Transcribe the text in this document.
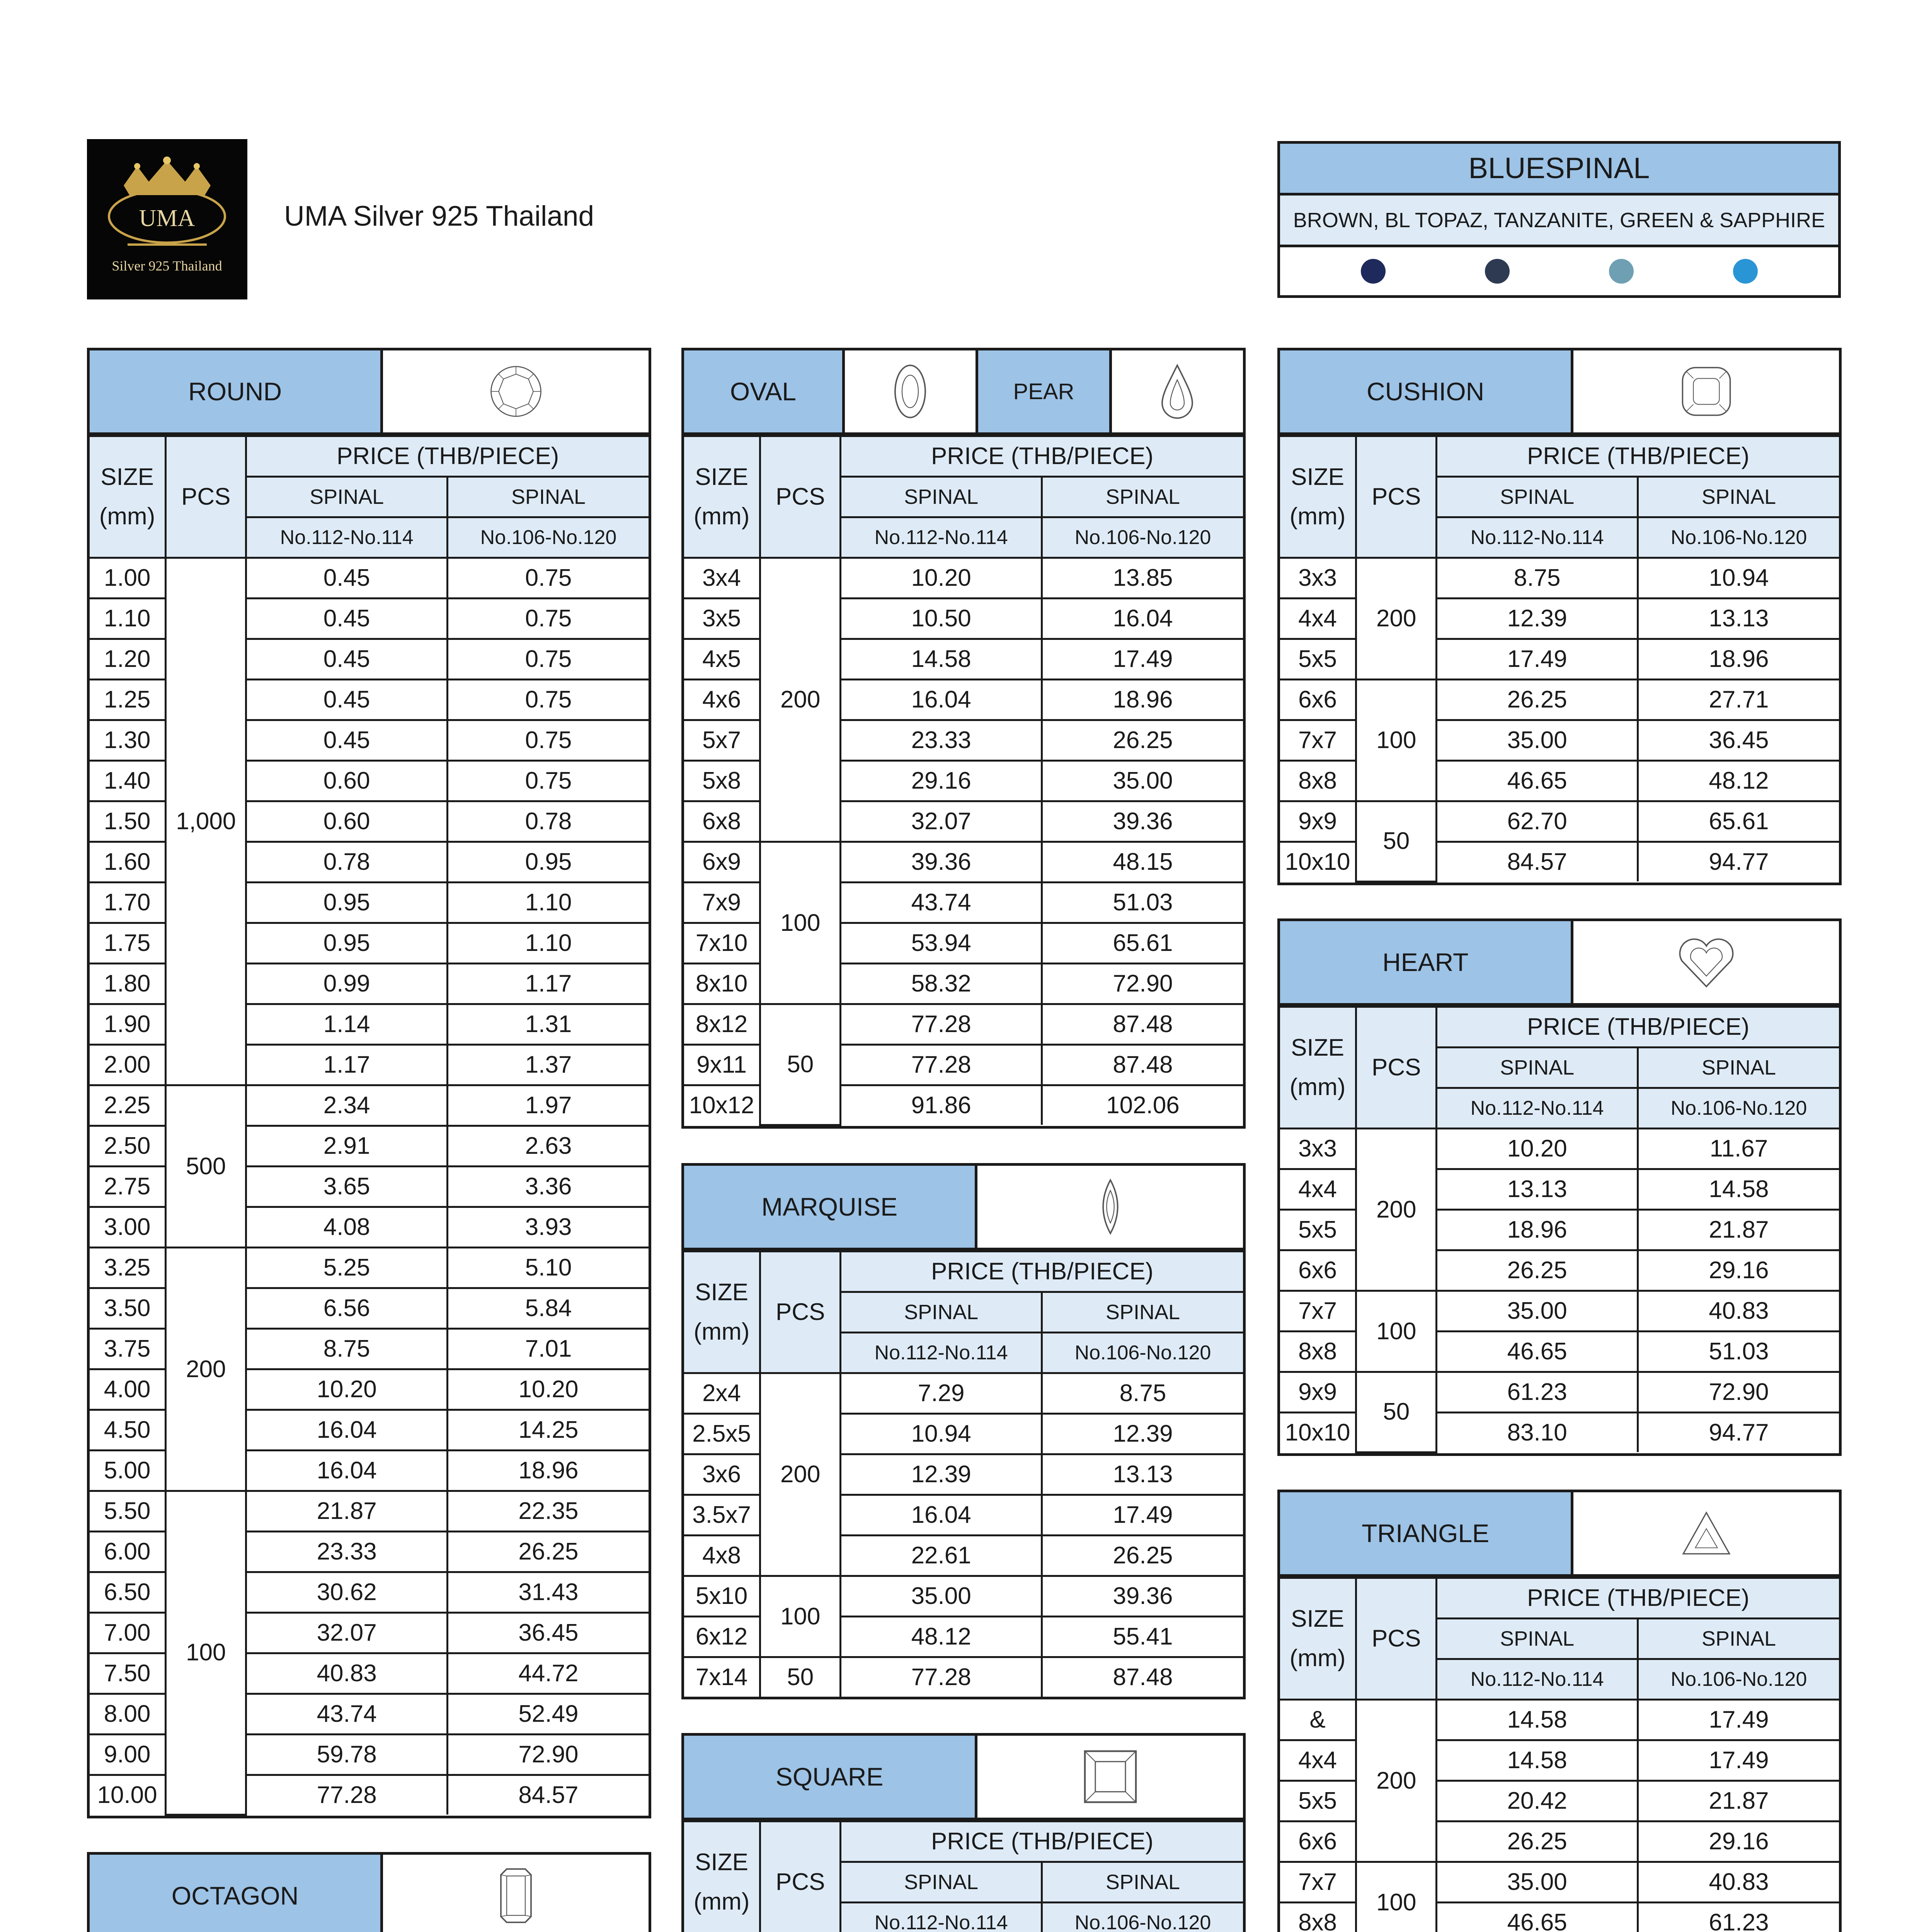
UMA
Silver 925 Thailand
UMA Silver 925 Thailand
BLUESPINAL
BROWN, BL TOPAZ, TANZANITE, GREEN & SAPPHIRE
ROUND
SIZE
(mm)	PCS	PRICE (THB/PIECE)	
		SPINAL	SPINAL
		No.112-No.114	No.106-No.120
1.00	1,000	0.45	0.75
1.10		0.45	0.75
1.20		0.45	0.75
1.25		0.45	0.75
1.30		0.45	0.75
1.40		0.60	0.75
1.50		0.60	0.78
1.60		0.78	0.95
1.70		0.95	1.10
1.75		0.95	1.10
1.80		0.99	1.17
1.90		1.14	1.31
2.00		1.17	1.37
2.25	500	2.34	1.97
2.50		2.91	2.63
2.75		3.65	3.36
3.00		4.08	3.93
3.25	200	5.25	5.10
3.50		6.56	5.84
3.75		8.75	7.01
4.00		10.20	10.20
4.50		16.04	14.25
5.00		16.04	18.96
5.50	100	21.87	22.35
6.00		23.33	26.25
6.50		30.62	31.43
7.00		32.07	36.45
7.50		40.83	44.72
8.00		43.74	52.49
9.00		59.78	72.90
10.00		77.28	84.57
OCTAGON

OVAL	PEAR
SIZE
(mm)	PCS	PRICE (THB/PIECE)	
		SPINAL	SPINAL
		No.112-No.114	No.106-No.120
3x4	200	10.20	13.85
3x5		10.50	16.04
4x5		14.58	17.49
4x6		16.04	18.96
5x7		23.33	26.25
5x8		29.16	35.00
6x8		32.07	39.36
6x9	100	39.36	48.15
7x9		43.74	51.03
7x10		53.94	65.61
8x10		58.32	72.90
8x12	50	77.28	87.48
9x11		77.28	87.48
10x12		91.86	102.06
MARQUISE
SIZE
(mm)	PCS	PRICE (THB/PIECE)	
		SPINAL	SPINAL
		No.112-No.114	No.106-No.120
2x4	200	7.29	8.75
2.5x5		10.94	12.39
3x6		12.39	13.13
3.5x7		16.04	17.49
4x8		22.61	26.25
5x10	100	35.00	39.36
6x12		48.12	55.41
7x14	50	77.28	87.48
SQUARE
SIZE
(mm)	PCS	PRICE (THB/PIECE)	
		SPINAL	SPINAL
		No.112-No.114	No.106-No.120

CUSHION
SIZE
(mm)	PCS	PRICE (THB/PIECE)	
		SPINAL	SPINAL
		No.112-No.114	No.106-No.120
3x3	200	8.75	10.94
4x4		12.39	13.13
5x5		17.49	18.96
6x6	100	26.25	27.71
7x7		35.00	36.45
8x8		46.65	48.12
9x9	50	62.70	65.61
10x10		84.57	94.77
HEART
SIZE
(mm)	PCS	PRICE (THB/PIECE)	
		SPINAL	SPINAL
		No.112-No.114	No.106-No.120
3x3	200	10.20	11.67
4x4		13.13	14.58
5x5		18.96	21.87
6x6		26.25	29.16
7x7	100	35.00	40.83
8x8		46.65	51.03
9x9	50	61.23	72.90
10x10		83.10	94.77
TRIANGLE
SIZE
(mm)	PCS	PRICE (THB/PIECE)	
		SPINAL	SPINAL
		No.112-No.114	No.106-No.120
&	200	14.58	17.49
4x4		14.58	17.49
5x5		20.42	21.87
6x6		26.25	29.16
7x7	100	35.00	40.83
8x8		46.65	61.23
